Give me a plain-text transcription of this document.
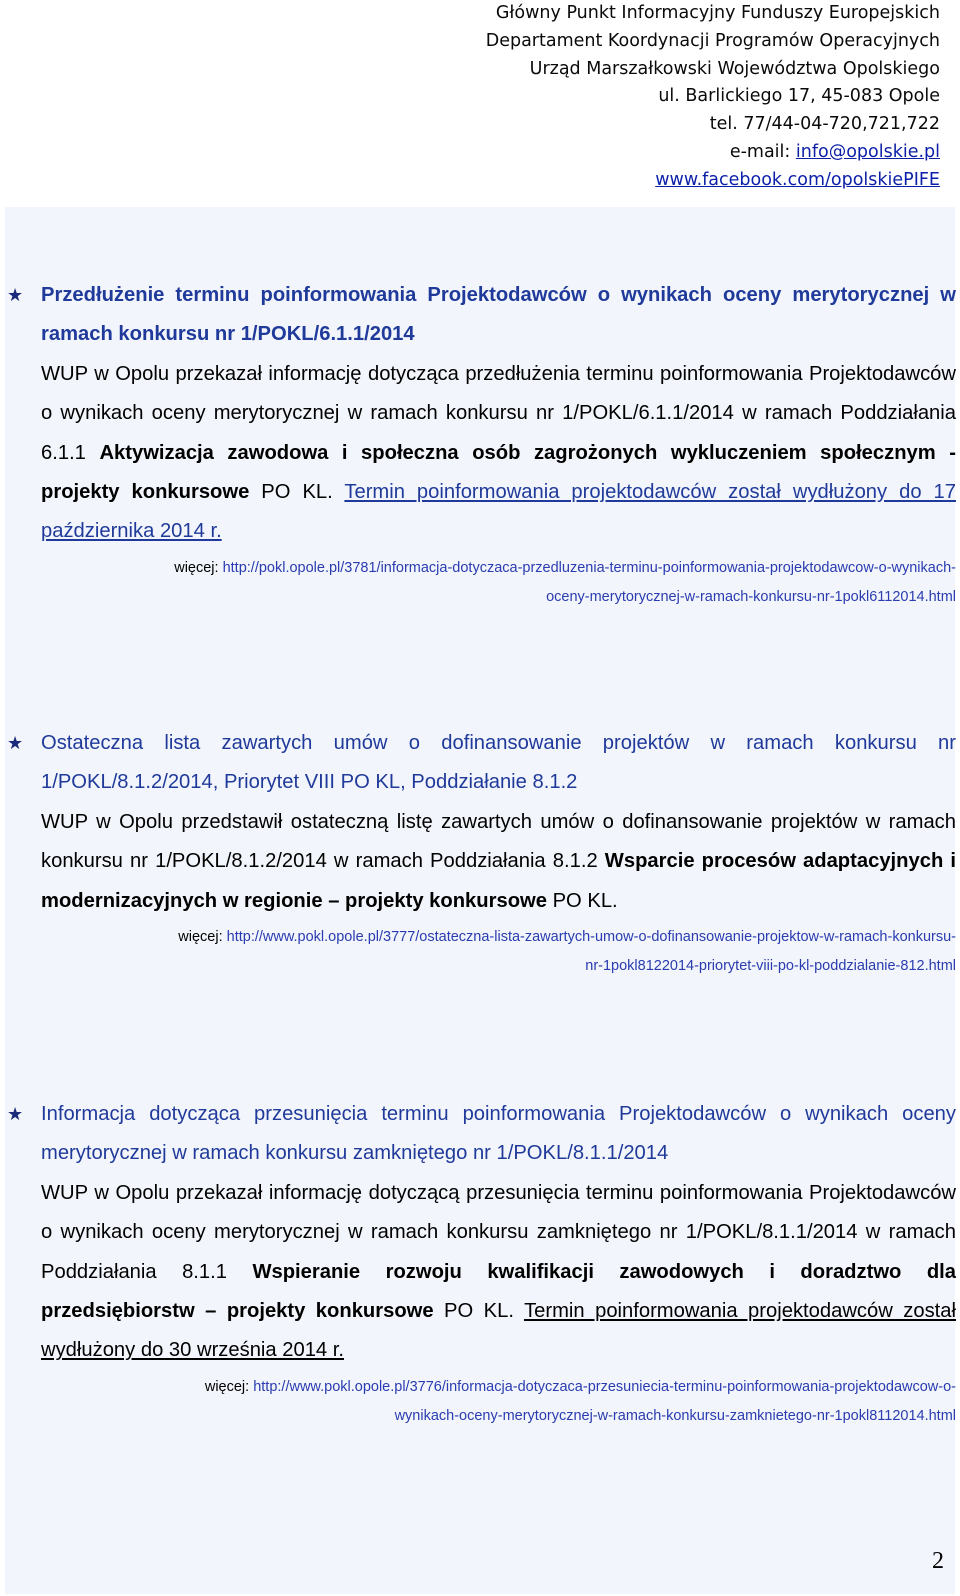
Główny Punkt Informacyjny Funduszy Europejskich
Departament Koordynacji Programów Operacyjnych
Urząd Marszałkowski Województwa Opolskiego
ul. Barlickiego 17, 45-083 Opole
tel. 77/44-04-720,721,722
e-mail: info@opolskie.pl
www.facebook.com/opolskiePIFE
★ Przedłużenie terminu poinformowania Projektodawców o wynikach oceny merytorycznej w ramach konkursu nr 1/POKL/6.1.1/2014
WUP w Opolu przekazał informację dotycząca przedłużenia terminu poinformowania Projektodawców o wynikach oceny merytorycznej w ramach konkursu nr 1/POKL/6.1.1/2014 w ramach Poddziałania 6.1.1 Aktywizacja zawodowa i społeczna osób zagrożonych wykluczeniem społecznym - projekty konkursowe PO KL. Termin poinformowania projektodawców został wydłużony do 17 października 2014 r.
więcej: http://pokl.opole.pl/3781/informacja-dotyczaca-przedluzenia-terminu-poinformowania-projektodawcow-o-wynikach-
oceny-merytorycznej-w-ramach-konkursu-nr-1pokl6112014.html
★ Ostateczna lista zawartych umów o dofinansowanie projektów w ramach konkursu nr 1/POKL/8.1.2/2014, Priorytet VIII PO KL, Poddziałanie 8.1.2
WUP w Opolu przedstawił ostateczną listę zawartych umów o dofinansowanie projektów w ramach konkursu nr 1/POKL/8.1.2/2014 w ramach Poddziałania 8.1.2 Wsparcie procesów adaptacyjnych i modernizacyjnych w regionie – projekty konkursowe PO KL.
więcej: http://www.pokl.opole.pl/3777/ostateczna-lista-zawartych-umow-o-dofinansowanie-projektow-w-ramach-konkursu-
nr-1pokl8122014-priorytet-viii-po-kl-poddzialanie-812.html
★ Informacja dotycząca przesunięcia terminu poinformowania Projektodawców o wynikach oceny merytorycznej w ramach konkursu zamkniętego nr 1/POKL/8.1.1/2014
WUP w Opolu przekazał informację dotyczącą przesunięcia terminu poinformowania Projektodawców o wynikach oceny merytorycznej w ramach konkursu zamkniętego nr 1/POKL/8.1.1/2014 w ramach Poddziałania 8.1.1 Wspieranie rozwoju kwalifikacji zawodowych i doradztwo dla przedsiębiorstw – projekty konkursowe PO KL. Termin poinformowania projektodawców został wydłużony do 30 września 2014 r.
więcej: http://www.pokl.opole.pl/3776/informacja-dotyczaca-przesuniecia-terminu-poinformowania-projektodawcow-o-
wynikach-oceny-merytorycznej-w-ramach-konkursu-zamknietego-nr-1pokl8112014.html
2
